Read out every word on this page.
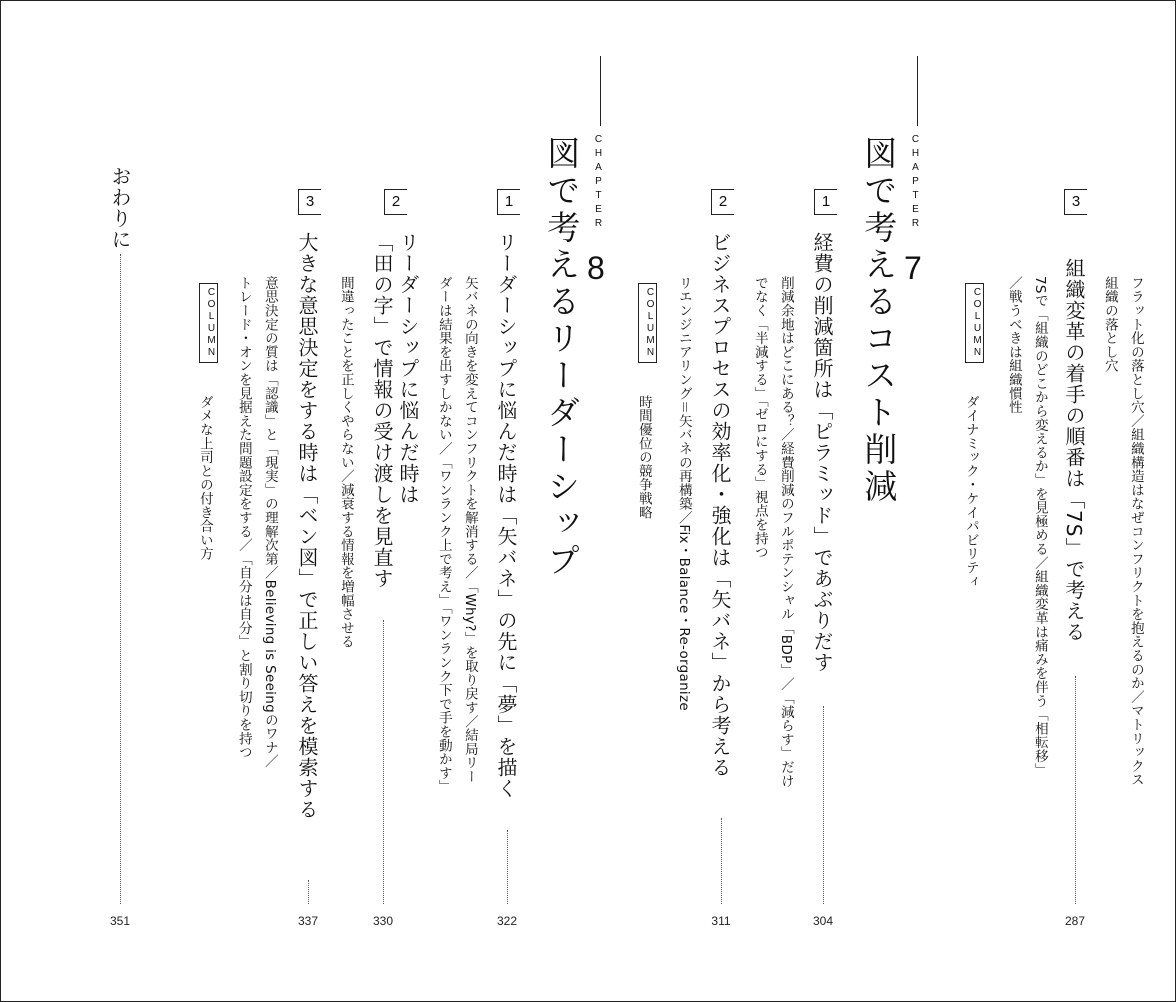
フラット化の落とし穴／組織構造はなぜコンフリクトを抱えるのか／マトリックス
組織の落とし穴
3
組織変革の着手の順番は「7S」で考える
287
7Sで「組織のどこから変えるか」を見極める／組織変革は痛みを伴う「相転移」
／戦うべきは組織慣性
COLUMN
ダイナミック・ケイパビリティ
CHAPTER
7
図で考えるコスト削減
1
経費の削減箇所は「ピラミッド」であぶりだす
304
削減余地はどこにある？／経費削減のフルポテンシャル「BDP」／「減らす」だけ
でなく「半減する」「ゼロにする」視点を持つ
2
ビジネスプロセスの効率化・強化は「矢バネ」から考える
311
リエンジニアリング＝矢バネの再構築／Fix・Balance・Re-organize
COLUMN
時間優位の競争戦略
CHAPTER
8
図で考えるリーダーシップ
1
リーダーシップに悩んだ時は「矢バネ」の先に「夢」を描く
322
矢バネの向きを変えてコンフリクトを解消する／「Why?」を取り戻す／結局リー
ダーは結果を出すしかない／「ワンランク上で考え」「ワンランク下で手を動かす」
2
リーダーシップに悩んだ時は
「田の字」で情報の受け渡しを見直す
330
間違ったことを正しくやらない／減衰する情報を増幅させる
3
大きな意思決定をする時は「ベン図」で正しい答えを模索する
337
意思決定の質は「認識」と「現実」の理解次第／Believing is Seeingのワナ／
トレード・オンを見据えた問題設定をする／「自分は自分」と割り切りを持つ
COLUMN
ダメな上司との付き合い方
おわりに
351
